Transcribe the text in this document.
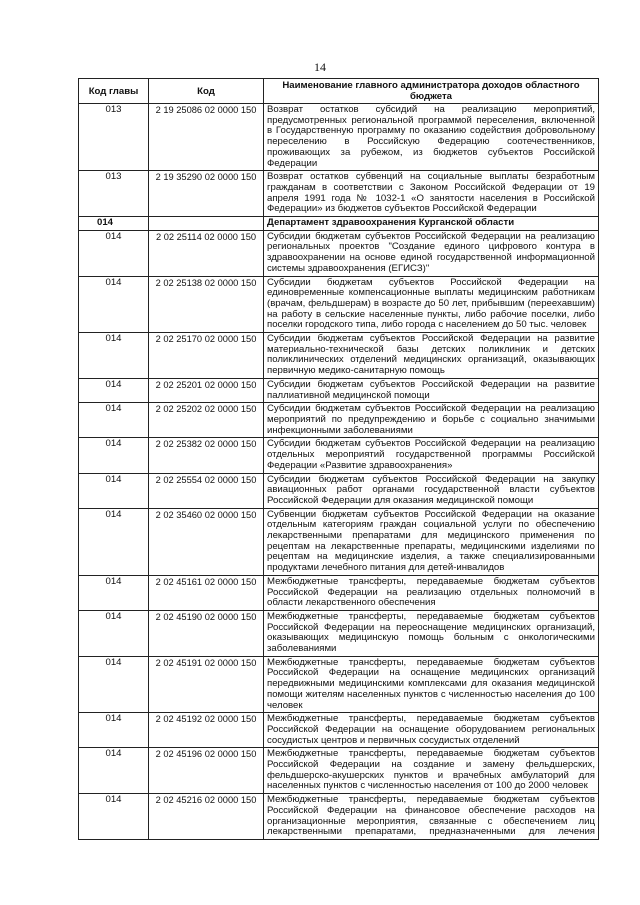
14
Код главы	Код	Наименование главного администратора доходов областного бюджета
013	2 19 25086 02 0000 150	Возврат остатков субсидий на реализацию мероприятий, предусмотренных региональной программой переселения, включенной в Государственную программу по оказанию содействия добровольному переселению в Российскую Федерацию соотечественников, проживающих за рубежом, из бюджетов субъектов Российской Федерации
013	2 19 35290 02 0000 150	Возврат остатков субвенций на социальные выплаты безработным гражданам в соответствии с Законом Российской Федерации от 19 апреля 1991 года № 1032-1 «О занятости населения в Российской Федерации» из бюджетов субъектов Российской Федерации
014		Департамент здравоохранения Курганской области
014	2 02 25114 02 0000 150	Субсидии бюджетам субъектов Российской Федерации на реализацию региональных проектов "Создание единого цифрового контура в здравоохранении на основе единой государственной информационной системы здравоохранения (ЕГИСЗ)"
014	2 02 25138 02 0000 150	Субсидии бюджетам субъектов Российской Федерации на единовременные компенсационные выплаты медицинским работникам (врачам, фельдшерам) в возрасте до 50 лет, прибывшим (переехавшим) на работу в сельские населенные пункты, либо рабочие поселки, либо поселки городского типа, либо города с населением до 50 тыс. человек
014	2 02 25170 02 0000 150	Субсидии бюджетам субъектов Российской Федерации на развитие материально-технической базы детских поликлиник и детских поликлинических отделений медицинских организаций, оказывающих первичную медико-санитарную помощь
014	2 02 25201 02 0000 150	Субсидии бюджетам субъектов Российской Федерации на развитие паллиативной медицинской помощи
014	2 02 25202 02 0000 150	Субсидии бюджетам субъектов Российской Федерации на реализацию мероприятий по предупреждению и борьбе с социально значимыми инфекционными заболеваниями
014	2 02 25382 02 0000 150	Субсидии бюджетам субъектов Российской Федерации на реализацию отдельных мероприятий государственной программы Российской Федерации «Развитие здравоохранения»
014	2 02 25554 02 0000 150	Субсидии бюджетам субъектов Российской Федерации на закупку авиационных работ органами государственной власти субъектов Российской Федерации для оказания медицинской помощи
014	2 02 35460 02 0000 150	Субвенции бюджетам субъектов Российской Федерации на оказание отдельным категориям граждан социальной услуги по обеспечению лекарственными препаратами для медицинского применения по рецептам на лекарственные препараты, медицинскими изделиями по рецептам на медицинские изделия, а также специализированными продуктами лечебного питания для детей-инвалидов
014	2 02 45161 02 0000 150	Межбюджетные трансферты, передаваемые бюджетам субъектов Российской Федерации на реализацию отдельных полномочий в области лекарственного обеспечения
014	2 02 45190 02 0000 150	Межбюджетные трансферты, передаваемые бюджетам субъектов Российской Федерации на переоснащение медицинских организаций, оказывающих медицинскую помощь больным с онкологическими заболеваниями
014	2 02 45191 02 0000 150	Межбюджетные трансферты, передаваемые бюджетам субъектов Российской Федерации на оснащение медицинских организаций передвижными медицинскими комплексами для оказания медицинской помощи жителям населенных пунктов с численностью населения до 100 человек
014	2 02 45192 02 0000 150	Межбюджетные трансферты, передаваемые бюджетам субъектов Российской Федерации на оснащение оборудованием региональных сосудистых центров и первичных сосудистых отделений
014	2 02 45196 02 0000 150	Межбюджетные трансферты, передаваемые бюджетам субъектов Российской Федерации на создание и замену фельдшерских, фельдшерско-акушерских пунктов и врачебных амбулаторий для населенных пунктов с численностью населения от 100 до 2000 человек
014	2 02 45216 02 0000 150	Межбюджетные трансферты, передаваемые бюджетам субъектов Российской Федерации на финансовое обеспечение расходов на организационные мероприятия, связанные с обеспечением лиц лекарственными препаратами, предназначенными для лечения
